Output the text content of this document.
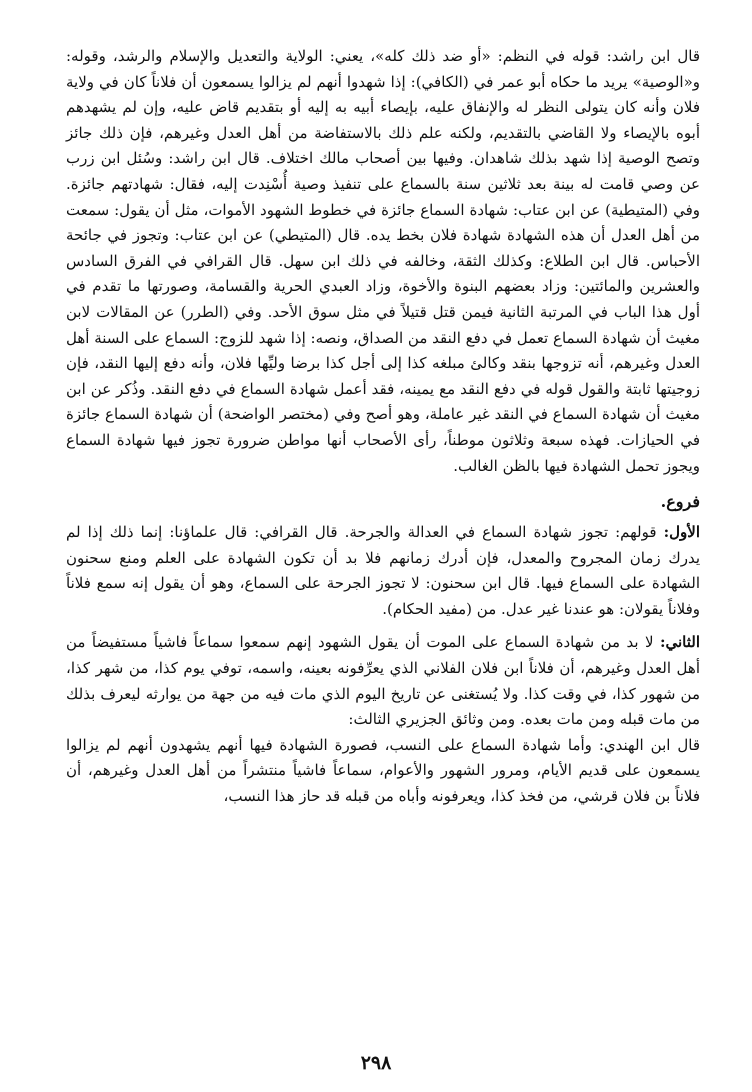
قال ابن راشد: قوله في النظم: «أو ضد ذلك كله»، يعني: الولاية والتعديل والإسلام والرشد، وقوله: و«الوصية» يريد ما حكاه أبو عمر في (الكافي): إذا شهدوا أنهم لم يزالوا يسمعون أن فلاناً كان في ولاية فلان وأنه كان يتولى النظر له والإنفاق عليه، بإيصاء أبيه به إليه أو بتقديم قاض عليه، وإن لم يشهدهم أبوه بالإيصاء ولا القاضي بالتقديم، ولكنه علم ذلك بالاستفاضة من أهل العدل وغيرهم، فإن ذلك جائز وتصح الوصية إذا شهد بذلك شاهدان. وفيها بين أصحاب مالك اختلاف. قال ابن راشد: وسُئل ابن زرب عن وصي قامت له بينة بعد ثلاثين سنة بالسماع على تنفيذ وصية أُسْنِدت إليه، فقال: شهادتهم جائزة. وفي (المتيطية) عن ابن عتاب: شهادة السماع جائزة في خطوط الشهود الأموات، مثل أن يقول: سمعت من أهل العدل أن هذه الشهادة شهادة فلان بخط يده. قال (المتيطي) عن ابن عتاب: وتجوز في جائحة الأحباس. قال ابن الطلاع: وكذلك الثقة، وخالفه في ذلك ابن سهل. قال القرافي في الفرق السادس والعشرين والمائتين: وزاد بعضهم البنوة والأخوة، وزاد العبدي الحرية والقسامة، وصورتها ما تقدم في أول هذا الباب في المرتبة الثانية فيمن قتل قتيلاً في مثل سوق الأحد. وفي (الطرر) عن المقالات لابن مغيث أن شهادة السماع تعمل في دفع النقد من الصداق، ونصه: إذا شهد للزوج: السماع على السنة أهل العدل وغيرهم، أنه تزوجها بنقد وكالئ مبلغه كذا إلى أجل كذا برضا وليِّها فلان، وأنه دفع إليها النقد، فإن زوجيتها ثابتة والقول قوله في دفع النقد مع يمينه، فقد أعمل شهادة السماع في دفع النقد. وذُكر عن ابن مغيث أن شهادة السماع في النقد غير عاملة، وهو أصح وفي (مختصر الواضحة) أن شهادة السماع جائزة في الحيازات. فهذه سبعة وثلاثون موطناً، رأى الأصحاب أنها مواطن ضرورة تجوز فيها شهادة السماع ويجوز تحمل الشهادة فيها بالظن الغالب.

فروع.

الأول: قولهم: تجوز شهادة السماع في العدالة والجرحة. قال القرافي: قال علماؤنا: إنما ذلك إذا لم يدرك زمان المجروح والمعدل، فإن أدرك زمانهم فلا بد أن تكون الشهادة على العلم ومنع سحنون الشهادة على السماع فيها. قال ابن سحنون: لا تجوز الجرحة على السماع، وهو أن يقول إنه سمع فلاناً وفلاناً يقولان: هو عندنا غير عدل. من (مفيد الحكام).

الثاني: لا بد من شهادة السماع على الموت أن يقول الشهود إنهم سمعوا سماعاً فاشياً مستفيضاً من أهل العدل وغيرهم، أن فلاناً ابن فلان الفلاني الذي يعرِّفونه بعينه، واسمه، توفي يوم كذا، من شهر كذا، من شهور كذا، في وقت كذا. ولا يُستغنى عن تاريخ اليوم الذي مات فيه من جهة من يوارثه ليعرف بذلك من مات قبله ومن مات بعده. ومن وثائق الجزيري الثالث:

قال ابن الهندي: وأما شهادة السماع على النسب، فصورة الشهادة فيها أنهم يشهدون أنهم لم يزالوا يسمعون على قديم الأيام، ومرور الشهور والأعوام، سماعاً فاشياً منتشراً من أهل العدل وغيرهم، أن فلاناً بن فلان قرشي، من فخذ كذا، ويعرفونه وأباه من قبله قد حاز هذا النسب،

٢٩٨
